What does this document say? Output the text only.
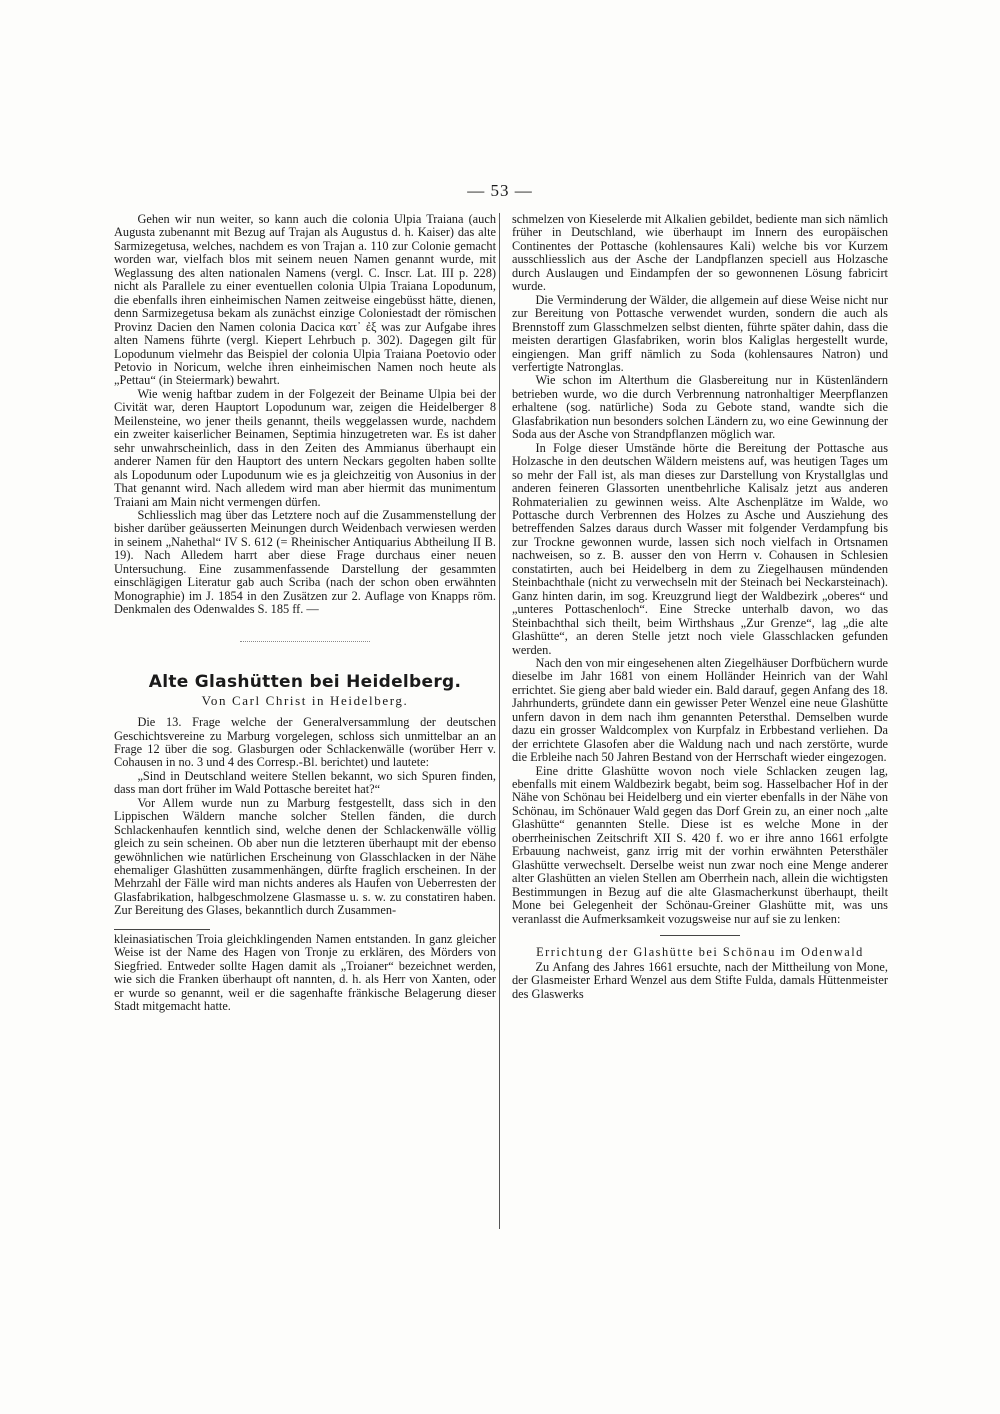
— 53 —

Gehen wir nun weiter, so kann auch die colonia Ulpia Traiana (auch Augusta zubenannt mit Bezug auf Trajan als Augustus d. h. Kaiser) das alte Sarmizegetusa, welches, nachdem es von Trajan a. 110 zur Colonie gemacht worden war, vielfach blos mit seinem neuen Namen genannt wurde, mit Weglassung des alten nationalen Namens (vergl. C. Inscr. Lat. III p. 228) nicht als Parallele zu einer eventuellen colonia Ulpia Traiana Lopodunum, die ebenfalls ihren einheimischen Namen zeitweise eingebüsst hätte, dienen, denn Sarmizegetusa bekam als zunächst einzige Coloniestadt der römischen Provinz Dacien den Namen colonia Dacica κατ᾽ ἐξ was zur Aufgabe ihres alten Namens führte (vergl. Kiepert Lehrbuch p. 302). Dagegen gilt für Lopodunum vielmehr das Beispiel der colonia Ulpia Traiana Poetovio oder Petovio in Noricum, welche ihren einheimischen Namen noch heute als „Pettau“ (in Steiermark) bewahrt.

Wie wenig haftbar zudem in der Folgezeit der Beiname Ulpia bei der Civität war, deren Hauptort Lopodunum war, zeigen die Heidelberger 8 Meilensteine, wo jener theils genannt, theils weggelassen wurde, nachdem ein zweiter kaiserlicher Beinamen, Septimia hinzugetreten war. Es ist daher sehr unwahrscheinlich, dass in den Zeiten des Ammianus überhaupt ein anderer Namen für den Hauptort des untern Neckars gegolten haben sollte als Lopodunum oder Lupodunum wie es ja gleichzeitig von Ausonius in der That genannt wird. Nach alledem wird man aber hiermit das munimentum Traiani am Main nicht vermengen dürfen.

Schliesslich mag über das Letztere noch auf die Zusammenstellung der bisher darüber geäusserten Meinungen durch Weidenbach verwiesen werden in seinem „Nahethal“ IV S. 612 (= Rheinischer Antiquarius Abtheilung II B. 19). Nach Alledem harrt aber diese Frage durchaus einer neuen Untersuchung. Eine zusammenfassende Darstellung der gesammten einschlägigen Literatur gab auch Scriba (nach der schon oben erwähnten Monographie) im J. 1854 in den Zusätzen zur 2. Auflage von Knapps röm. Denkmalen des Odenwaldes S. 185 ff. —

Alte Glashütten bei Heidelberg.
Von Carl Christ in Heidelberg.

Die 13. Frage welche der Generalversammlung der deutschen Geschichtsvereine zu Marburg vorgelegen, schloss sich unmittelbar an an Frage 12 über die sog. Glasburgen oder Schlackenwälle (worüber Herr v. Cohausen in no. 3 und 4 des Corresp.-Bl. berichtet) und lautete:

„Sind in Deutschland weitere Stellen bekannt, wo sich Spuren finden, dass man dort früher im Wald Pottasche bereitet hat?“

Vor Allem wurde nun zu Marburg festgestellt, dass sich in den Lippischen Wäldern manche solcher Stellen fänden, die durch Schlackenhaufen kenntlich sind, welche denen der Schlackenwälle völlig gleich zu sein scheinen. Ob aber nun die letzteren überhaupt mit der ebenso gewöhnlichen wie natürlichen Erscheinung von Glasschlacken in der Nähe ehemaliger Glashütten zusammenhängen, dürfte fraglich erscheinen. In der Mehrzahl der Fälle wird man nichts anderes als Haufen von Ueberresten der Glasfabrikation, halbgeschmolzene Glasmasse u. s. w. zu constatiren haben. Zur Bereitung des Glases, bekanntlich durch Zusammen-

kleinasiatischen Troia gleichklingenden Namen entstanden. In ganz gleicher Weise ist der Name des Hagen von Tronje zu erklären, des Mörders von Siegfried. Entweder sollte Hagen damit als „Troianer“ bezeichnet werden, wie sich die Franken überhaupt oft nannten, d. h. als Herr von Xanten, oder er wurde so genannt, weil er die sagenhafte fränkische Belagerung dieser Stadt mitgemacht hatte.

schmelzen von Kieselerde mit Alkalien gebildet, bediente man sich nämlich früher in Deutschland, wie überhaupt im Innern des europäischen Continentes der Pottasche (kohlensaures Kali) welche bis vor Kurzem ausschliesslich aus der Asche der Landpflanzen speciell aus Holzasche durch Auslaugen und Eindampfen der so gewonnenen Lösung fabricirt wurde.

Die Verminderung der Wälder, die allgemein auf diese Weise nicht nur zur Bereitung von Pottasche verwendet wurden, sondern die auch als Brennstoff zum Glasschmelzen selbst dienten, führte später dahin, dass die meisten derartigen Glasfabriken, worin blos Kaliglas hergestellt wurde, eingiengen. Man griff nämlich zu Soda (kohlensaures Natron) und verfertigte Natronglas.

Wie schon im Alterthum die Glasbereitung nur in Küstenländern betrieben wurde, wo die durch Verbrennung natronhaltiger Meerpflanzen erhaltene (sog. natürliche) Soda zu Gebote stand, wandte sich die Glasfabrikation nun besonders solchen Ländern zu, wo eine Gewinnung der Soda aus der Asche von Strandpflanzen möglich war.

In Folge dieser Umstände hörte die Bereitung der Pottasche aus Holzasche in den deutschen Wäldern meistens auf, was heutigen Tages um so mehr der Fall ist, als man dieses zur Darstellung von Krystallglas und anderen feineren Glassorten unentbehrliche Kalisalz jetzt aus anderen Rohmaterialien zu gewinnen weiss. Alte Aschenplätze im Walde, wo Pottasche durch Verbrennen des Holzes zu Asche und Ausziehung des betreffenden Salzes daraus durch Wasser mit folgender Verdampfung bis zur Trockne gewonnen wurde, lassen sich noch vielfach in Ortsnamen nachweisen, so z. B. ausser den von Herrn v. Cohausen in Schlesien constatirten, auch bei Heidelberg in dem zu Ziegelhausen mündenden Steinbachthale (nicht zu verwechseln mit der Steinach bei Neckarsteinach). Ganz hinten darin, im sog. Kreuzgrund liegt der Waldbezirk „oberes“ und „unteres Pottaschenloch“. Eine Strecke unterhalb davon, wo das Steinbachthal sich theilt, beim Wirthshaus „Zur Grenze“, lag „die alte Glashütte“, an deren Stelle jetzt noch viele Glasschlacken gefunden werden.

Nach den von mir eingesehenen alten Ziegelhäuser Dorfbüchern wurde dieselbe im Jahr 1681 von einem Holländer Heinrich van der Wahl errichtet. Sie gieng aber bald wieder ein. Bald darauf, gegen Anfang des 18. Jahrhunderts, gründete dann ein gewisser Peter Wenzel eine neue Glashütte unfern davon in dem nach ihm genannten Petersthal. Demselben wurde dazu ein grosser Waldcomplex von Kurpfalz in Erbbestand verliehen. Da der errichtete Glasofen aber die Waldung nach und nach zerstörte, wurde die Erbleihe nach 50 Jahren Bestand von der Herrschaft wieder eingezogen.

Eine dritte Glashütte wovon noch viele Schlacken zeugen lag, ebenfalls mit einem Waldbezirk begabt, beim sog. Hasselbacher Hof in der Nähe von Schönau bei Heidelberg und ein vierter ebenfalls in der Nähe von Schönau, im Schönauer Wald gegen das Dorf Grein zu, an einer noch „alte Glashütte“ genannten Stelle. Diese ist es welche Mone in der oberrheinischen Zeitschrift XII S. 420 f. wo er ihre anno 1661 erfolgte Erbauung nachweist, ganz irrig mit der vorhin erwähnten Petersthäler Glashütte verwechselt. Derselbe weist nun zwar noch eine Menge anderer alter Glashütten an vielen Stellen am Oberrhein nach, allein die wichtigsten Bestimmungen in Bezug auf die alte Glasmacherkunst überhaupt, theilt Mone bei Gelegenheit der Schönau-Greiner Glashütte mit, was uns veranlasst die Aufmerksamkeit vozugsweise nur auf sie zu lenken:

Errichtung der Glashütte bei Schönau im Odenwald

Zu Anfang des Jahres 1661 ersuchte, nach der Mittheilung von Mone, der Glasmeister Erhard Wenzel aus dem Stifte Fulda, damals Hüttenmeister des Glaswerks
